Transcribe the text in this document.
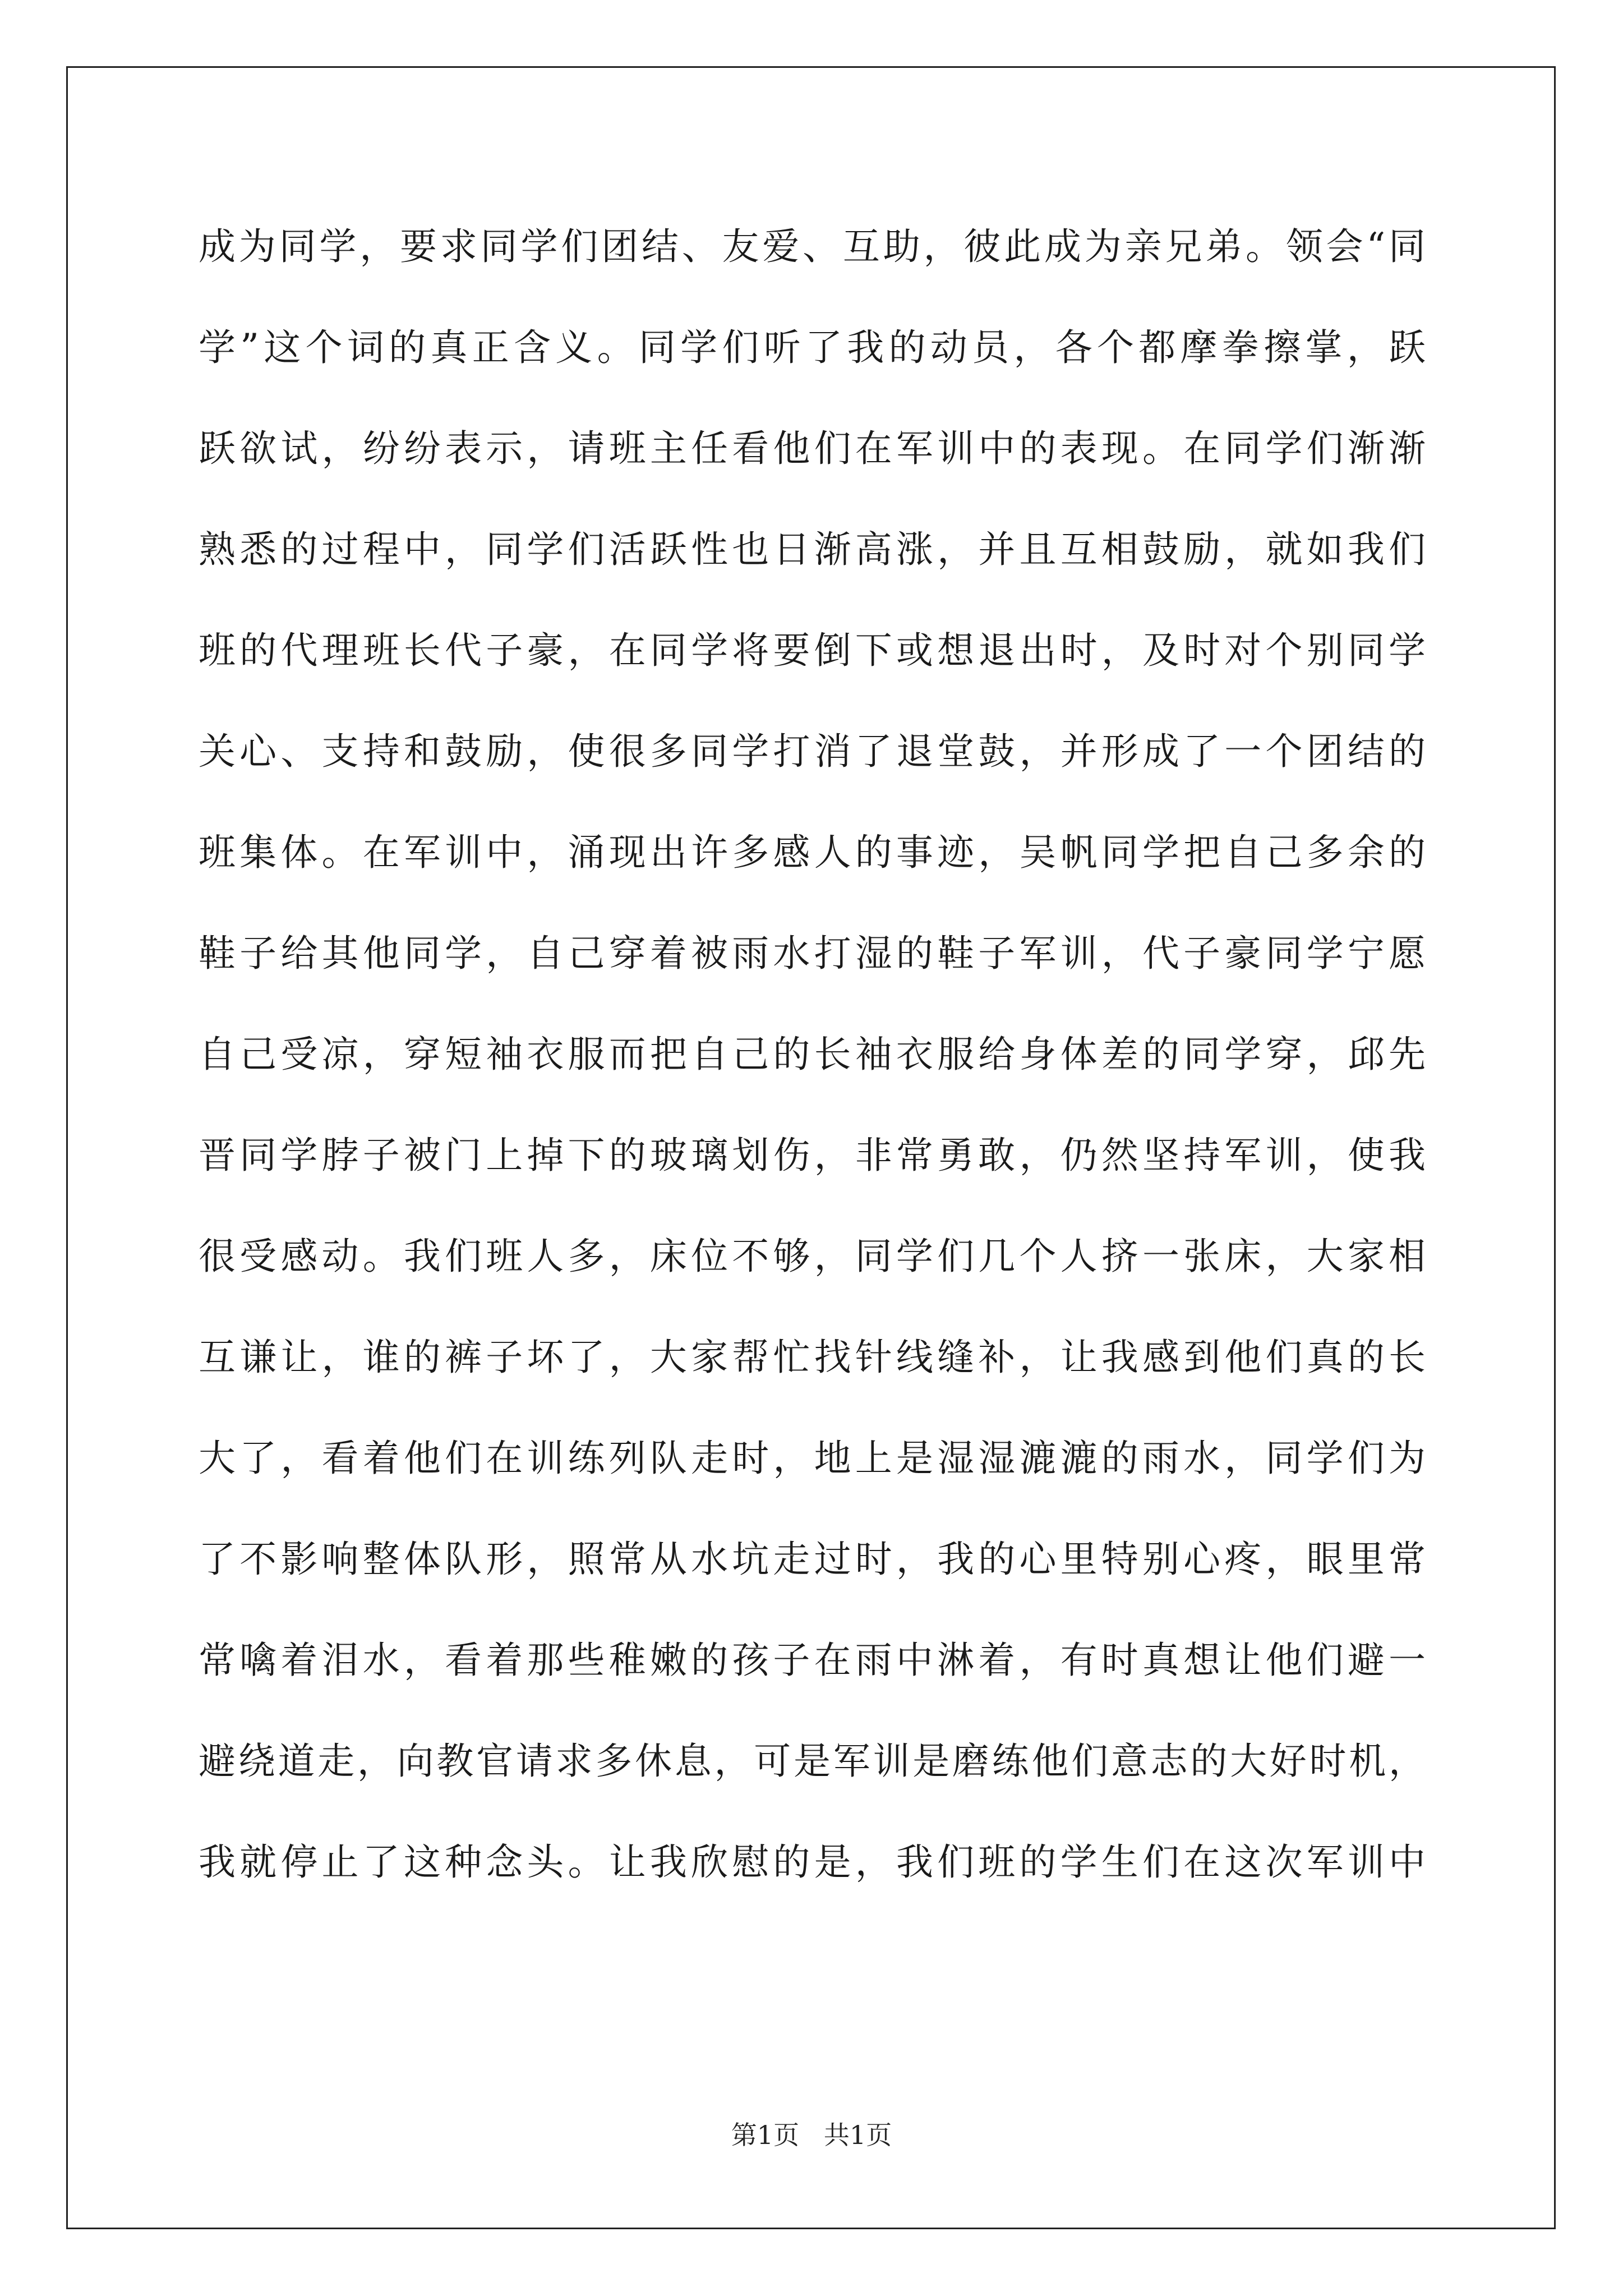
成为同学，要求同学们团结、友爱、互助，彼此成为亲兄弟。领会“同
学”这个词的真正含义。同学们听了我的动员，各个都摩拳擦掌，跃
跃欲试，纷纷表示，请班主任看他们在军训中的表现。在同学们渐渐
熟悉的过程中，同学们活跃性也日渐高涨，并且互相鼓励，就如我们
班的代理班长代子豪，在同学将要倒下或想退出时，及时对个别同学
关心、支持和鼓励，使很多同学打消了退堂鼓，并形成了一个团结的
班集体。在军训中，涌现出许多感人的事迹，吴帆同学把自己多余的
鞋子给其他同学，自己穿着被雨水打湿的鞋子军训，代子豪同学宁愿
自己受凉，穿短袖衣服而把自己的长袖衣服给身体差的同学穿，邱先
晋同学脖子被门上掉下的玻璃划伤，非常勇敢，仍然坚持军训，使我
很受感动。我们班人多，床位不够，同学们几个人挤一张床，大家相
互谦让，谁的裤子坏了，大家帮忙找针线缝补，让我感到他们真的长
大了，看着他们在训练列队走时，地上是湿湿漉漉的雨水，同学们为
了不影响整体队形，照常从水坑走过时，我的心里特别心疼，眼里常
常噙着泪水，看着那些稚嫩的孩子在雨中淋着，有时真想让他们避一
避绕道走，向教官请求多休息，可是军训是磨练他们意志的大好时机，
我就停止了这种念头。让我欣慰的是，我们班的学生们在这次军训中
第1页   共1页
